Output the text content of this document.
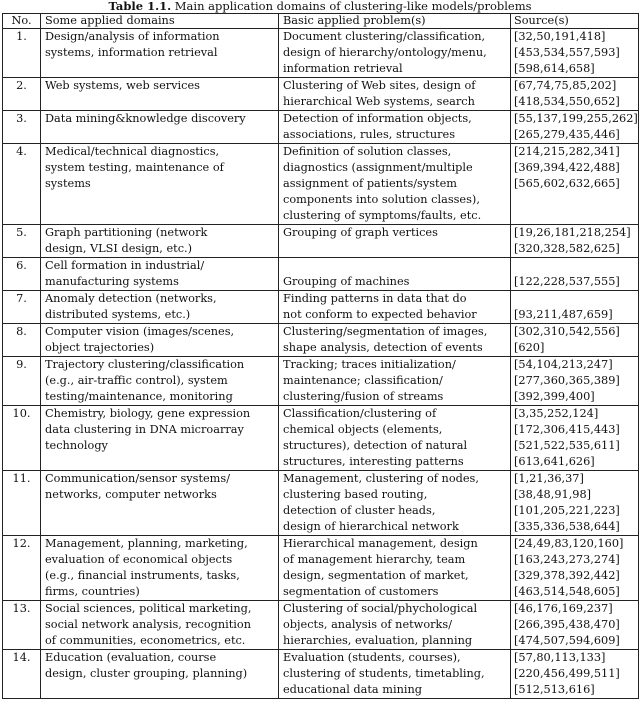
Table 1.1. Main application domains of clustering-like models/problems
No.	Some applied domains	Basic applied problem(s)	Source(s)
1.	Design/analysis of information
systems, information retrieval	Document clustering/classification,
design of hierarchy/ontology/menu,
information retrieval	[32,50,191,418]
[453,534,557,593]
[598,614,658]

2.	Web systems, web services	Clustering of Web sites, design of
hierarchical Web systems, search	[67,74,75,85,202]
[418,534,550,652]

3.	Data mining&knowledge discovery	Detection of information objects,
associations, rules, structures	[55,137,199,255,262]
[265,279,435,446]

4.	Medical/technical diagnostics,
system testing, maintenance of
systems	Definition of solution classes,
diagnostics (assignment/multiple
assignment of patients/system
components into solution classes),
clustering of symptoms/faults, etc.	[214,215,282,341]
[369,394,422,488]
[565,602,632,665]

5.	Graph partitioning (network
design, VLSI design, etc.)	Grouping of graph vertices	[19,26,181,218,254]
[320,328,582,625]

6.	Cell formation in industrial/
manufacturing systems	Grouping of machines	[122,228,537,555]

7.	Anomaly detection (networks,
distributed systems, etc.)	Finding patterns in data that do
not conform to expected behavior	[93,211,487,659]

8.	Computer vision (images/scenes,
object trajectories)	Clustering/segmentation of images,
shape analysis, detection of events	[302,310,542,556]
[620]

9.	Trajectory clustering/classification
(e.g., air-traffic control), system
testing/maintenance, monitoring	Tracking; traces initialization/
maintenance; classification/
clustering/fusion of streams	[54,104,213,247]
[277,360,365,389]
[392,399,400]

10.	Chemistry, biology, gene expression
data clustering in DNA microarray
technology	Classification/clustering of
chemical objects (elements,
structures), detection of natural
structures, interesting patterns	[3,35,252,124]
[172,306,415,443]
[521,522,535,611]
[613,641,626]

11.	Communication/sensor systems/
networks, computer networks	Management, clustering of nodes,
clustering based routing,
detection of cluster heads,
design of hierarchical network	[1,21,36,37]
[38,48,91,98]
[101,205,221,223]
[335,336,538,644]

12.	Management, planning, marketing,
evaluation of economical objects
(e.g., financial instruments, tasks,
firms, countries)	Hierarchical management, design
of management hierarchy, team
design, segmentation of market,
segmentation of customers	[24,49,83,120,160]
[163,243,273,274]
[329,378,392,442]
[463,514,548,605]

13.	Social sciences, political marketing,
social network analysis, recognition
of communities, econometrics, etc.	Clustering of social/phychological
objects, analysis of networks/
hierarchies, evaluation, planning	[46,176,169,237]
[266,395,438,470]
[474,507,594,609]

14.	Education (evaluation, course
design, cluster grouping, planning)	Evaluation (students, courses),
clustering of students, timetabling,
educational data mining	[57,80,113,133]
[220,456,499,511]
[512,513,616]
